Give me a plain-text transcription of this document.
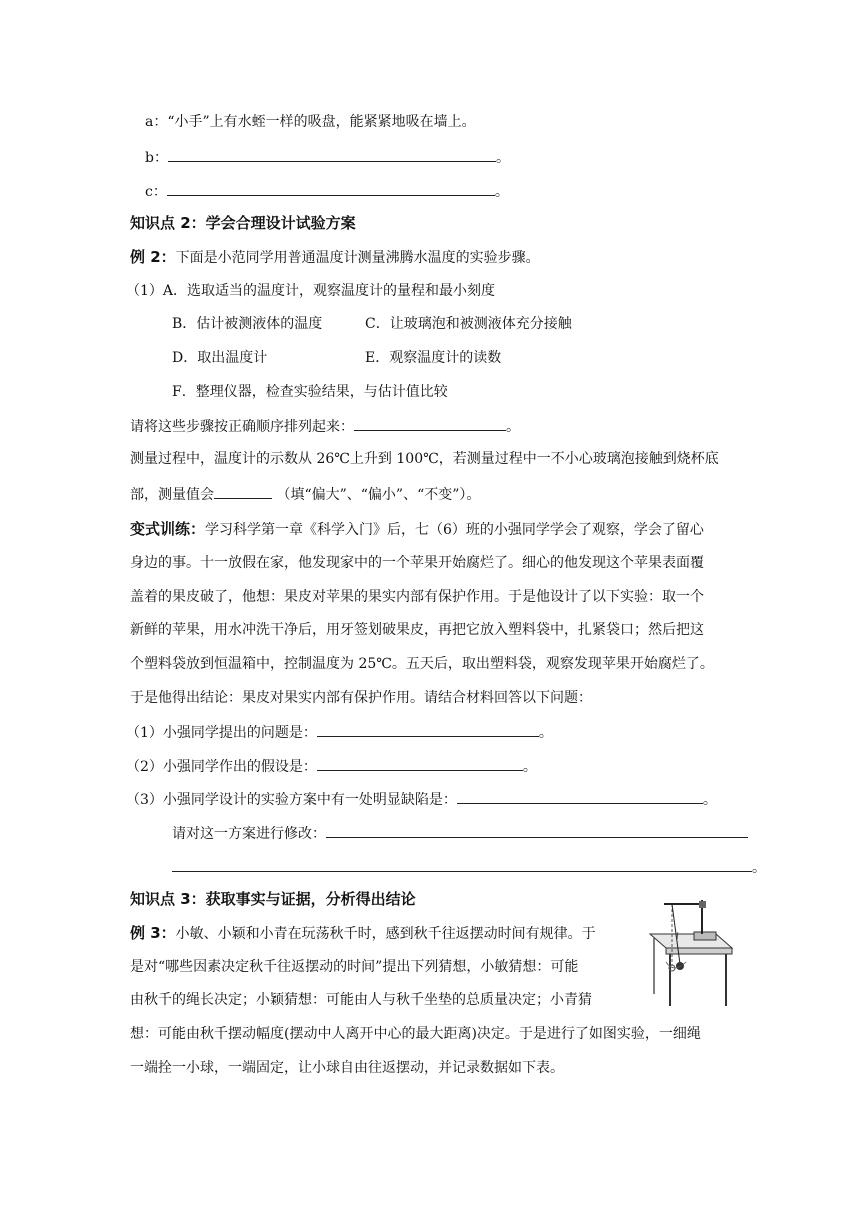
a：“小手”上有水蛭一样的吸盘，能紧紧地吸在墙上。
b：	。
c：	。
知识点 2：学会合理设计试验方案
例 2：下面是小范同学用普通温度计测量沸腾水温度的实验步骤。
（1）A．选取适当的温度计，观察温度计的量程和最小刻度
B．估计被测液体的温度	C．让玻璃泡和被测液体充分接触
D．取出温度计	E．观察温度计的读数
F．整理仪器，检查实验结果，与估计值比较
请将这些步骤按正确顺序排列起来：	。
测量过程中，温度计的示数从 26℃上升到 100℃，若测量过程中一不小心玻璃泡接触到烧杯底
部，测量值会	（填“偏大”、“偏小”、“不变”）。
变式训练：学习科学第一章《科学入门》后，七（6）班的小强同学学会了观察，学会了留心
身边的事。十一放假在家，他发现家中的一个苹果开始腐烂了。细心的他发现这个苹果表面覆
盖着的果皮破了，他想：果皮对苹果的果实内部有保护作用。于是他设计了以下实验：取一个
新鲜的苹果，用水冲洗干净后，用牙签划破果皮，再把它放入塑料袋中，扎紧袋口；然后把这
个塑料袋放到恒温箱中，控制温度为 25℃。五天后，取出塑料袋，观察发现苹果开始腐烂了。
于是他得出结论：果皮对果实内部有保护作用。请结合材料回答以下问题：
（1）小强同学提出的问题是：	。
（2）小强同学作出的假设是：	。
（3）小强同学设计的实验方案中有一处明显缺陷是：	。
请对这一方案进行修改：
。
知识点 3：获取事实与证据，分析得出结论
例 3：小敏、小颖和小青在玩荡秋千时，感到秋千往返摆动时间有规律。于
是对“哪些因素决定秋千往返摆动的时间”提出下列猜想，小敏猜想：可能
由秋千的绳长决定；小颖猜想：可能由人与秋千坐垫的总质量决定；小青猜
想：可能由秋千摆动幅度(摆动中人离开中心的最大距离)决定。于是进行了如图实验，一细绳
一端拴一小球，一端固定，让小球自由往返摆动，并记录数据如下表。
l
